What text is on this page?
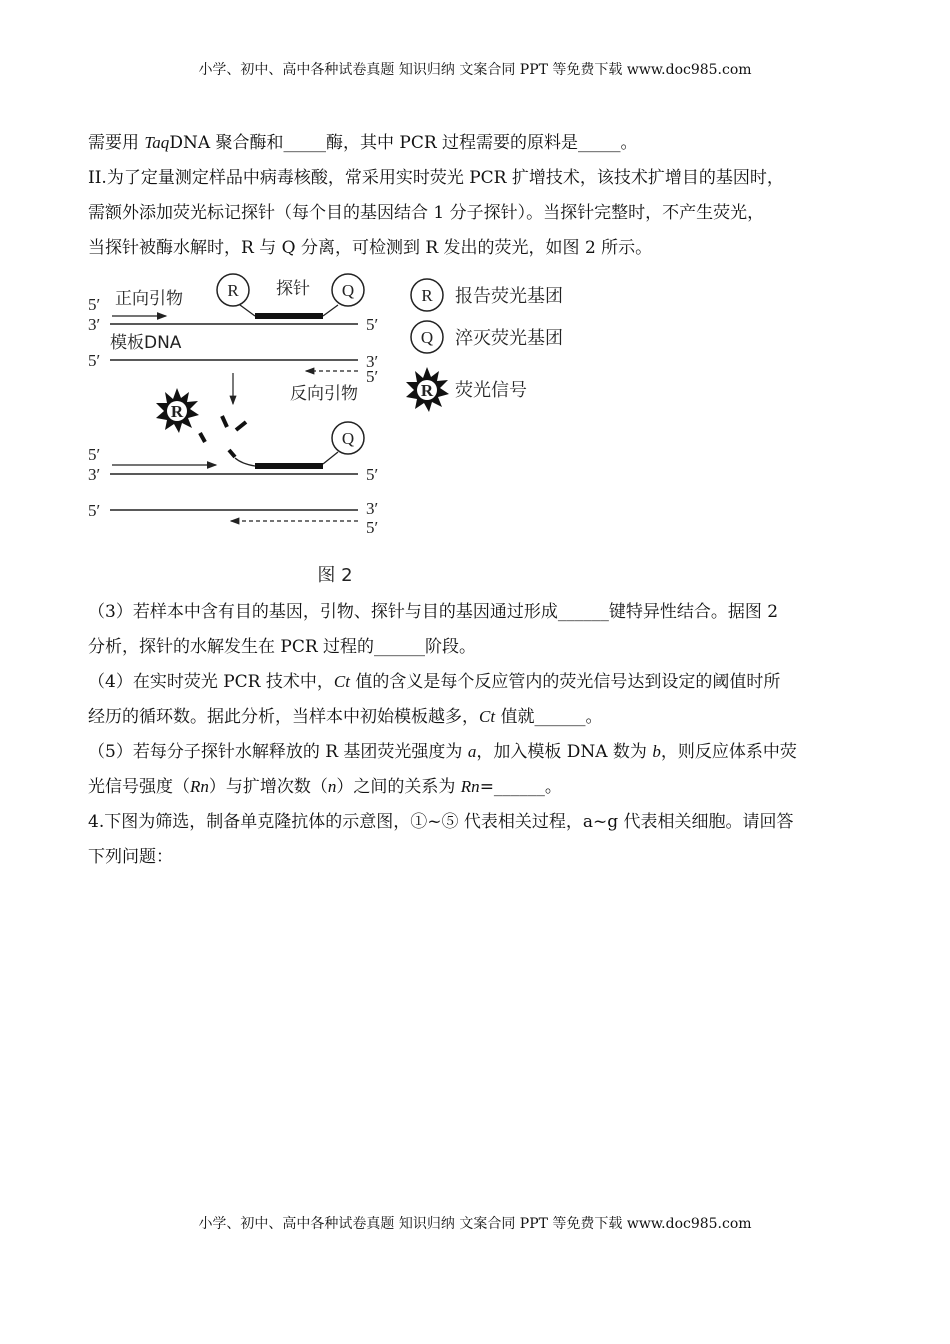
小学、初中、高中各种试卷真题 知识归纳 文案合同 PPT 等免费下载 www.doc985.com
需要用 TaqDNA 聚合酶和_____酶，其中 PCR 过程需要的原料是_____。
II.为了定量测定样品中病毒核酸，常采用实时荧光 PCR 扩增技术，该技术扩增目的基因时，
需额外添加荧光标记探针（每个目的基因结合 1 分子探针）。当探针完整时，不产生荧光，
当探针被酶水解时，R 与 Q 分离，可检测到 R 发出的荧光，如图 2 所示。
R	Q
探针
5′
3′
正向引物
5′
模板DNA
5′	3′
5′
反向引物
R
Q
5′
3′	5′
5′	3′
5′
图 2
R 报告荧光基团
Q 淬灭荧光基团
R 荧光信号
（3）若样本中含有目的基因，引物、探针与目的基因通过形成______键特异性结合。据图 2
分析，探针的水解发生在 PCR 过程的______阶段。
（4）在实时荧光 PCR 技术中，Ct 值的含义是每个反应管内的荧光信号达到设定的阈值时所
经历的循环数。据此分析，当样本中初始模板越多，Ct 值就______。
（5）若每分子探针水解释放的 R 基团荧光强度为 a，加入模板 DNA 数为 b，则反应体系中荧
光信号强度（Rn）与扩增次数（n）之间的关系为 Rn=______。
4.下图为筛选，制备单克隆抗体的示意图，①~⑤ 代表相关过程，a~g 代表相关细胞。请回答
下列问题：
小学、初中、高中各种试卷真题 知识归纳 文案合同 PPT 等免费下载 www.doc985.com
